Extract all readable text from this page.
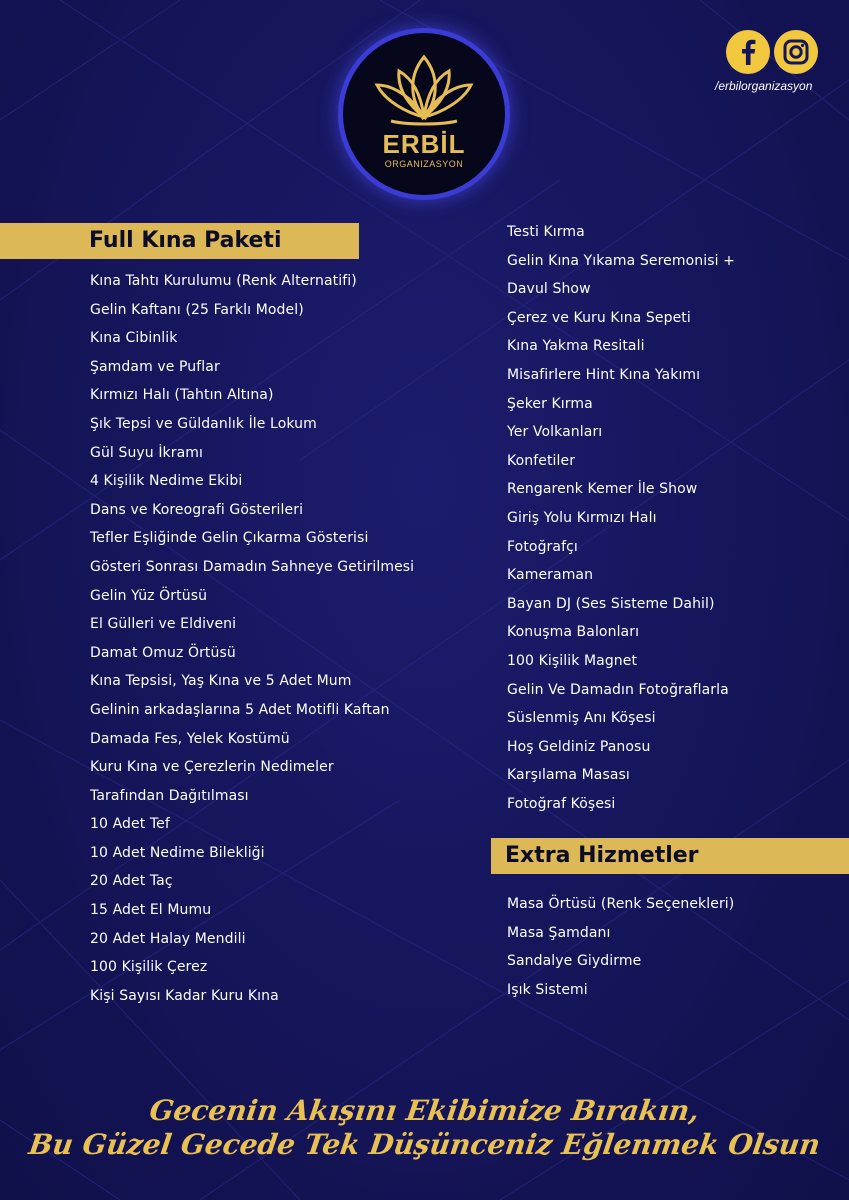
ERBİL
ORGANIZASYON
/erbilorganizasyon
Full Kına Paketi
Kına Tahtı Kurulumu (Renk Alternatifi)
Gelin Kaftanı (25 Farklı Model)
Kına Cibinlik
Şamdam ve Puflar
Kırmızı Halı (Tahtın Altına)
Şık Tepsi ve Güldanlık İle Lokum
Gül Suyu İkramı
4 Kişilik Nedime Ekibi
Dans ve Koreografi Gösterileri
Tefler Eşliğinde Gelin Çıkarma Gösterisi
Gösteri Sonrası Damadın Sahneye Getirilmesi
Gelin Yüz Örtüsü
El Gülleri ve Eldiveni
Damat Omuz Örtüsü
Kına Tepsisi, Yaş Kına ve 5 Adet Mum
Gelinin arkadaşlarına 5 Adet Motifli Kaftan
Damada Fes, Yelek Kostümü
Kuru Kına ve Çerezlerin Nedimeler
Tarafından Dağıtılması
10 Adet Tef
10 Adet Nedime Bilekliği
20 Adet Taç
15 Adet El Mumu
20 Adet Halay Mendili
100 Kişilik Çerez
Kişi Sayısı Kadar Kuru Kına
Testi Kırma
Gelin Kına Yıkama Seremonisi +
Davul Show
Çerez ve Kuru Kına Sepeti
Kına Yakma Resitali
Misafirlere Hint Kına Yakımı
Şeker Kırma
Yer Volkanları
Konfetiler
Rengarenk Kemer İle Show
Giriş Yolu Kırmızı Halı
Fotoğrafçı
Kameraman
Bayan DJ (Ses Sisteme Dahil)
Konuşma Balonları
100 Kişilik Magnet
Gelin Ve Damadın Fotoğraflarla
Süslenmiş Anı Köşesi
Hoş Geldiniz Panosu
Karşılama Masası
Fotoğraf Köşesi
Extra Hizmetler
Masa Örtüsü (Renk Seçenekleri)
Masa Şamdanı
Sandalye Giydirme
Işık Sistemi
Gecenin Akışını Ekibimize Bırakın,
Bu Güzel Gecede Tek Düşünceniz Eğlenmek Olsun
